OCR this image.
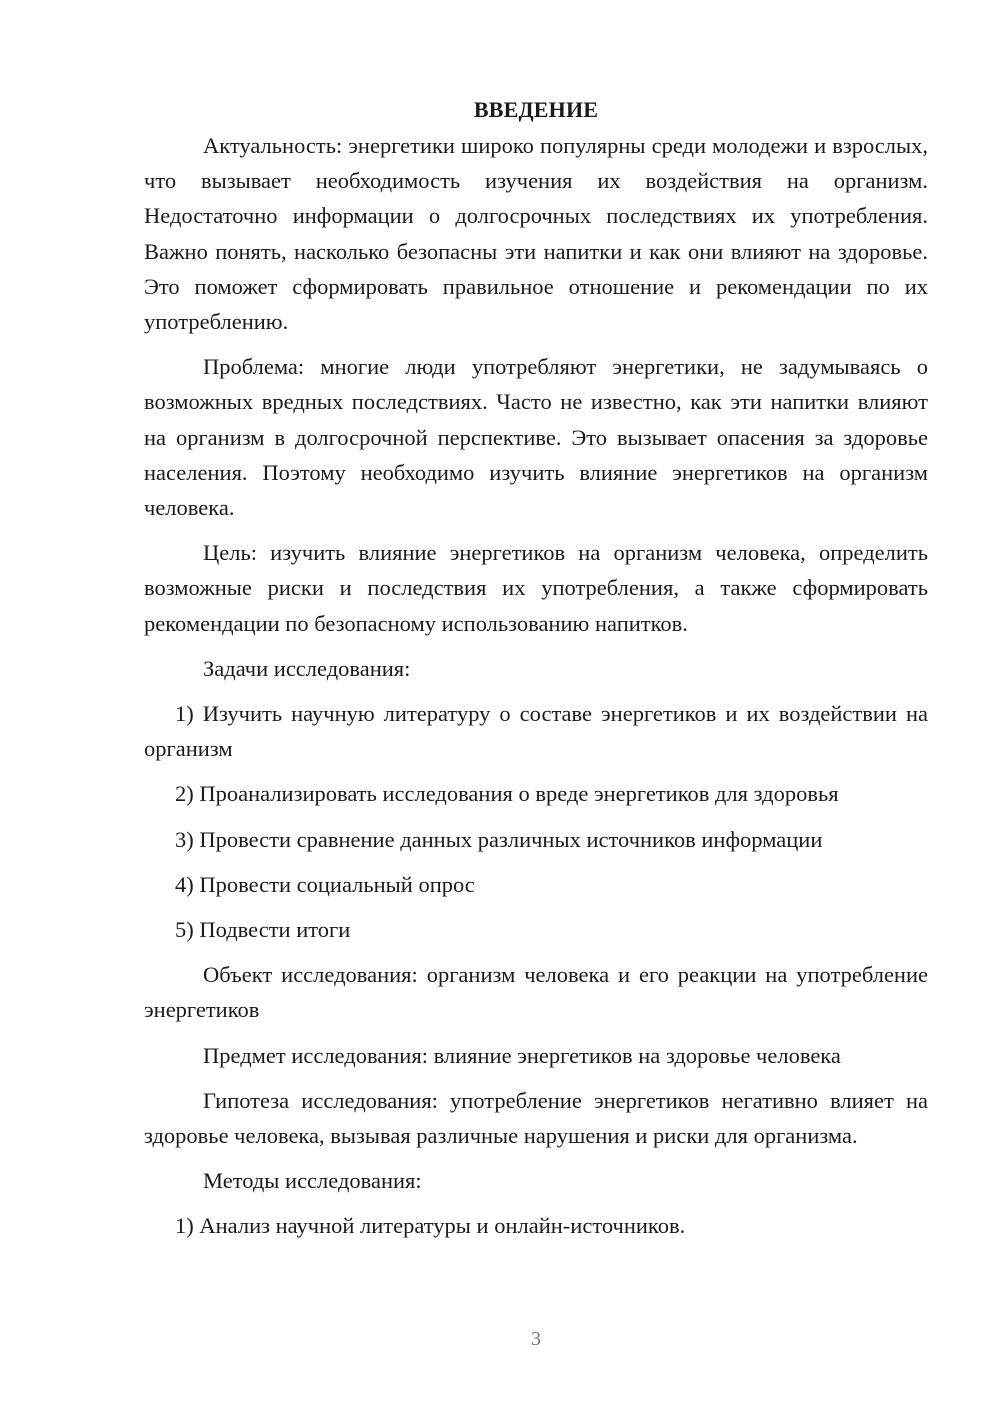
ВВЕДЕНИЕ

Актуальность: энергетики широко популярны среди молодежи и взрослых, что вызывает необходимость изучения их воздействия на организм. Недостаточно информации о долгосрочных последствиях их употребления. Важно понять, насколько безопасны эти напитки и как они влияют на здоровье. Это поможет сформировать правильное отношение и рекомендации по их употреблению.

Проблема: многие люди употребляют энергетики, не задумываясь о возможных вредных последствиях. Часто не известно, как эти напитки влияют на организм в долгосрочной перспективе. Это вызывает опасения за здоровье населения. Поэтому необходимо изучить влияние энергетиков на организм человека.

Цель: изучить влияние энергетиков на организм человека, определить возможные риски и последствия их употребления, а также сформировать рекомендации по безопасному использованию напитков.

Задачи исследования:

1) Изучить научную литературу о составе энергетиков и их воздействии на организм

2) Проанализировать исследования о вреде энергетиков для здоровья

3) Провести сравнение данных различных источников информации

4) Провести социальный опрос

5) Подвести итоги

Объект исследования: организм человека и его реакции на употребление энергетиков

Предмет исследования: влияние энергетиков на здоровье человека

Гипотеза исследования: употребление энергетиков негативно влияет на здоровье человека, вызывая различные нарушения и риски для организма.

Методы исследования:

1) Анализ научной литературы и онлайн-источников.

3
